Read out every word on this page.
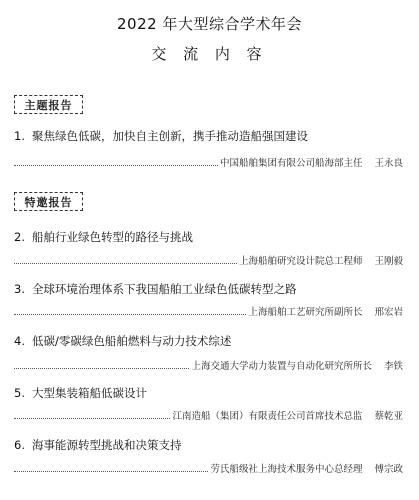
2022 年大型综合学术年会
交 流 内 容
主题报告
1. 聚焦绿色低碳，加快自主创新，携手推动造船强国建设
中国船舶集团有限公司船海部主任 王永良
特邀报告
2. 船舶行业绿色转型的路径与挑战
上海船舶研究设计院总工程师 王刚毅
3. 全球环境治理体系下我国船舶工业绿色低碳转型之路
上海船舶工艺研究所副所长 邢宏岩
4. 低碳/零碳绿色船舶燃料与动力技术综述
上海交通大学动力装置与自动化研究所所长 李铁
5. 大型集装箱船低碳设计
江南造船（集团）有限责任公司首席技术总监 蔡乾亚
6. 海事能源转型挑战和决策支持
劳氏船级社上海技术服务中心总经理 傅宗政
